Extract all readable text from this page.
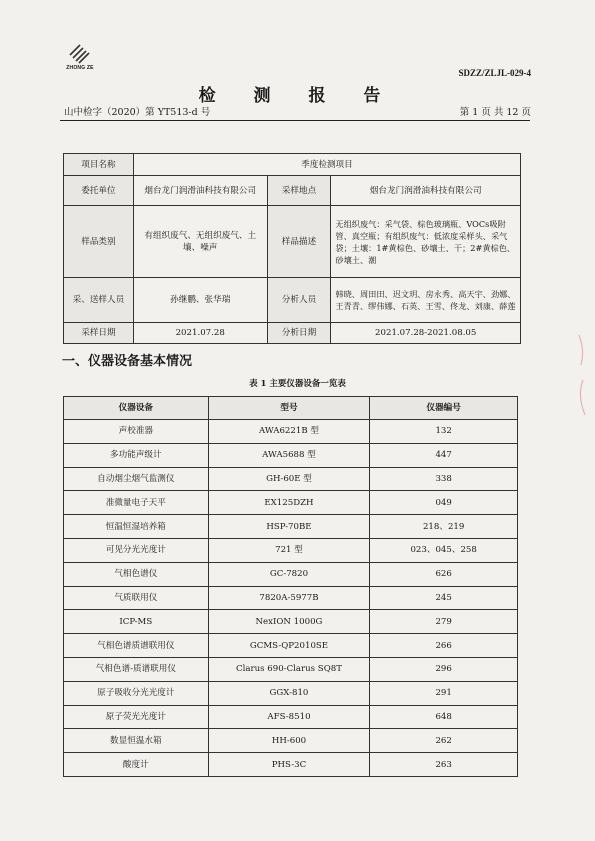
ZHONG ZE	SDZZ/ZLJL-029-4
检 测 报 告
山中检字（2020）第 YT513-d 号	第 1 页 共 12 页
项目名称	季度检测项目		
委托单位	烟台龙门润滑油科技有限公司	采样地点	烟台龙门润滑油科技有限公司
样品类别	有组织废气、无组织废气、土壤、噪声	样品描述	无组织废气：采气袋、棕色玻璃瓶、VOCs吸附管、真空瓶；有组织废气：低浓度采样头、采气袋；土壤：1#黄棕色、砂壤土、干；2#黄棕色、砂壤土、潮
采、送样人员	孙继鹏、张华瑞	分析人员	韩晓、周田田、迟文玥、房永秀、高天宇、劲娜、王青青、缪伟娜、石英、王雪、佟龙、刘康、薛莲
采样日期	2021.07.28	分析日期	2021.07.28-2021.08.05
一、仪器设备基本情况
表 1 主要仪器设备一览表
仪器设备	型号	仪器编号
声校准器	AWA6221B 型	132
多功能声级计	AWA5688 型	447
自动烟尘烟气监测仪	GH-60E 型	338
准微量电子天平	EX125DZH	049
恒温恒湿培养箱	HSP-70BE	218、219
可见分光光度计	721 型	023、045、258
气相色谱仪	GC-7820	626
气质联用仪	7820A-5977B	245
ICP-MS	NexION 1000G	279
气相色谱质谱联用仪	GCMS-QP2010SE	266
气相色谱-质谱联用仪	Clarus 690-Clarus SQ8T	296
原子吸收分光光度计	GGX-810	291
原子荧光光度计	AFS-8510	648
数显恒温水箱	HH-600	262
酸度计	PHS-3C	263
